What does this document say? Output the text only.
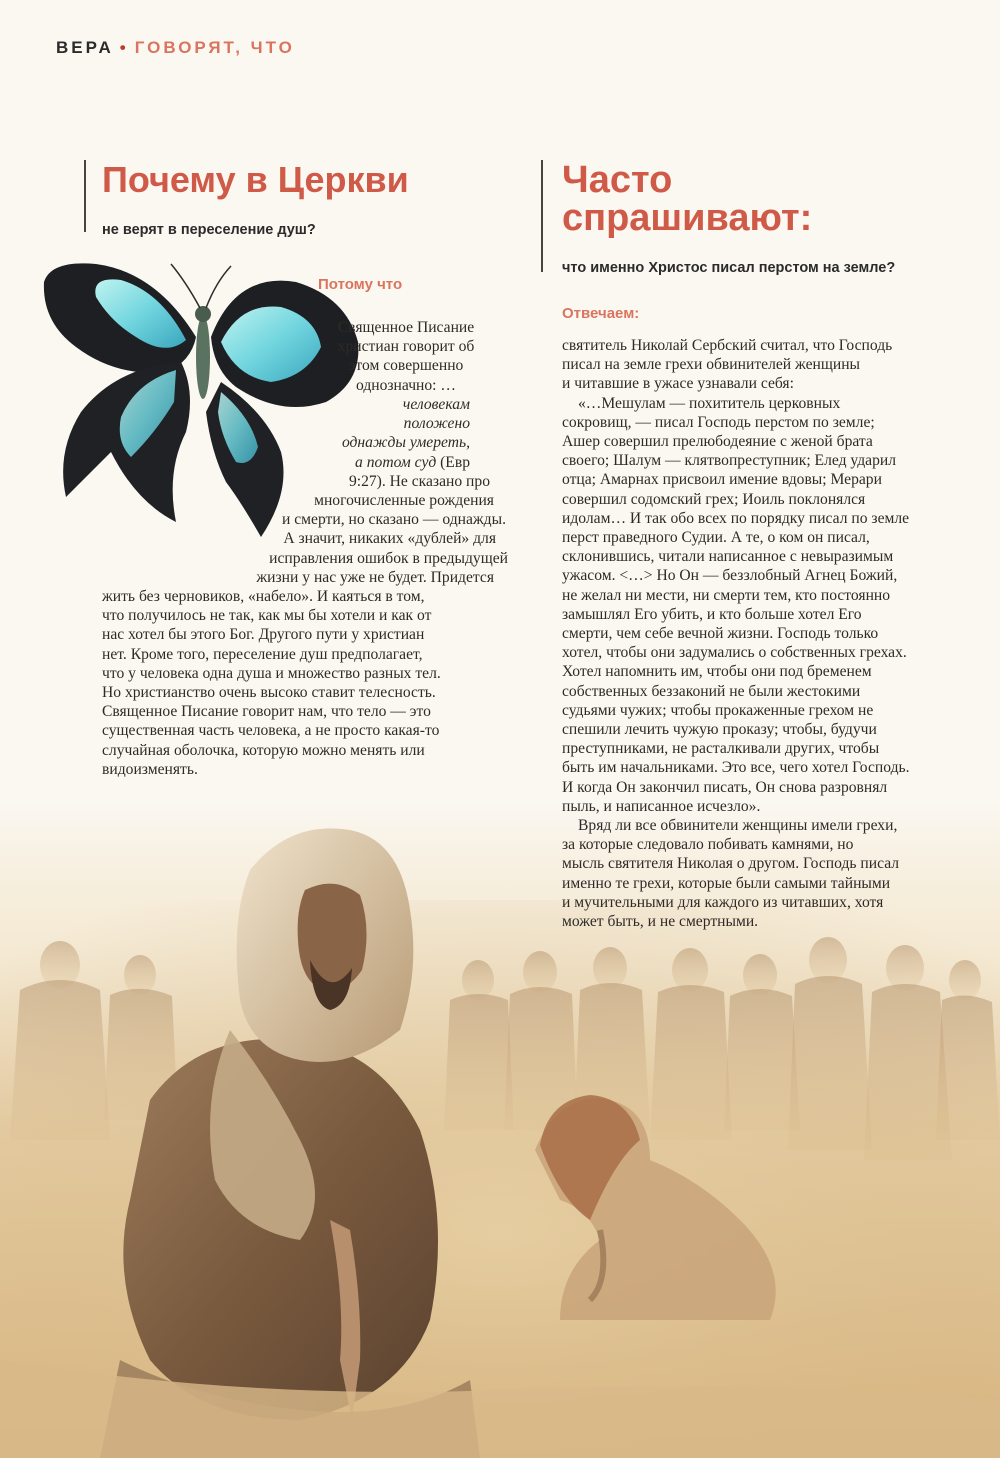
ВЕРА • ГОВОРЯТ, ЧТО
Почему в Церкви
не верят в переселение душ?
Потому что
Священное Писание
христиан говорит об
этом совершенно
однозначно: …
человекам
положено
однажды умереть,
а потом суд (Евр
9:27). Не сказано про
многочисленные рождения
и смерти, но сказано — однажды.
А значит, никаких «дублей» для
исправления ошибок в предыдущей
жизни у нас уже не будет. Придется
жить без черновиков, «набело». И каяться в том,
что получилось не так, как мы бы хотели и как от
нас хотел бы этого Бог. Другого пути у христиан
нет. Кроме того, переселение душ предполагает,
что у человека одна душа и множество разных тел.
Но христианство очень высоко ставит телесность.
Священное Писание говорит нам, что тело — это
существенная часть человека, а не просто какая-то
случайная оболочка, которую можно менять или
видоизменять.
Часто
спрашивают:
что именно Христос писал перстом на земле?
Отвечаем:
святитель Николай Сербский считал, что Господь
писал на земле грехи обвинителей женщины
и читавшие в ужасе узнавали себя:
«…Мешулам — похититель церковных
сокровищ, — писал Господь перстом по земле;
Ашер совершил прелюбодеяние с женой брата
своего; Шалум — клятвопреступник; Елед ударил
отца; Амарнах присвоил имение вдовы; Мерари
совершил содомский грех; Иоиль поклонялся
идолам… И так обо всех по порядку писал по земле
перст праведного Судии. А те, о ком он писал,
склонившись, читали написанное с невыразимым
ужасом. <…> Но Он — беззлобный Агнец Божий,
не желал ни мести, ни смерти тем, кто постоянно
замышлял Его убить, и кто больше хотел Его
смерти, чем себе вечной жизни. Господь только
хотел, чтобы они задумались о собственных грехах.
Хотел напомнить им, чтобы они под бременем
собственных беззаконий не были жестокими
судьями чужих; чтобы прокаженные грехом не
спешили лечить чужую проказу; чтобы, будучи
преступниками, не расталкивали других, чтобы
быть им начальниками. Это все, чего хотел Господь.
И когда Он закончил писать, Он снова разровнял
пыль, и написанное исчезло».
Вряд ли все обвинители женщины имели грехи,
за которые следовало побивать камнями, но
мысль святителя Николая о другом. Господь писал
именно те грехи, которые были самыми тайными
и мучительными для каждого из читавших, хотя
может быть, и не смертными.
